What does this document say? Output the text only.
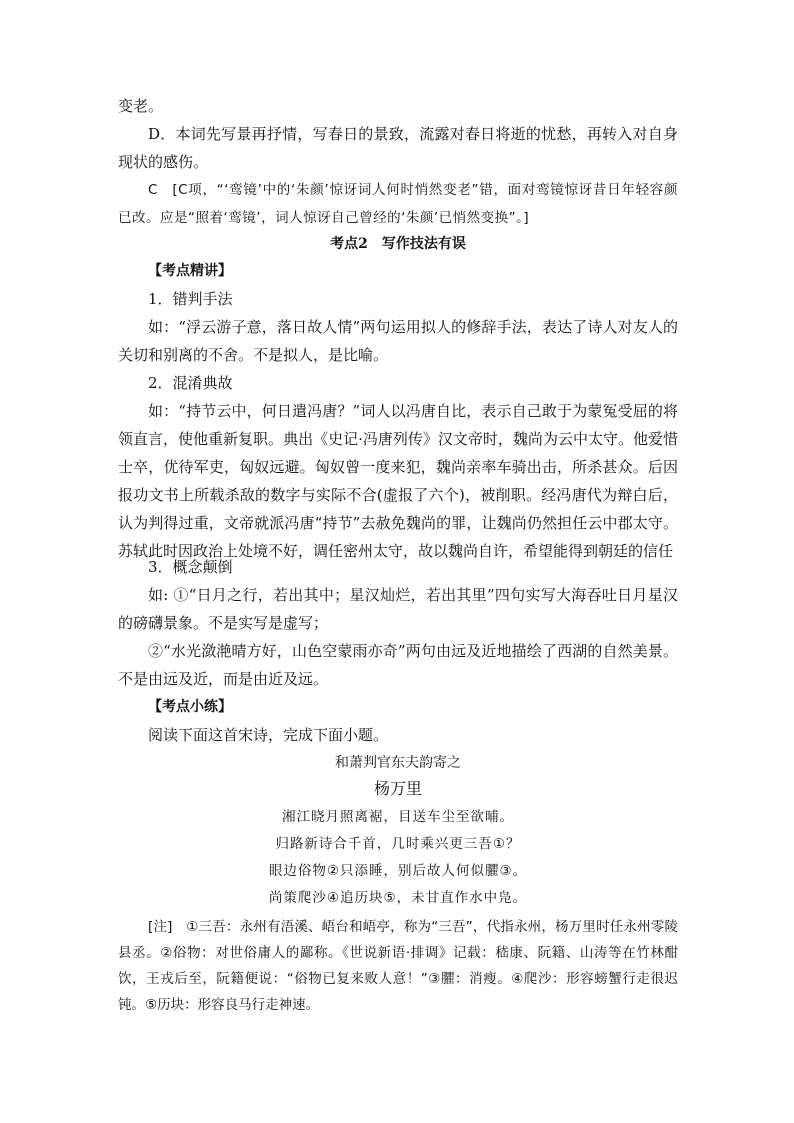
变老。

D．本词先写景再抒情，写春日的景致，流露对春日将逝的忧愁，再转入对自身现状的感伤。

C　[C项，“‘鸾镜’中的‘朱颜’惊讶词人何时悄然变老”错，面对鸾镜惊讶昔日年轻容颜已改。应是“照着‘鸾镜’，词人惊讶自己曾经的‘朱颜’已悄然变换”。]

考点2　写作技法有误

【考点精讲】

1．错判手法

如：“浮云游子意，落日故人情”两句运用拟人的修辞手法，表达了诗人对友人的关切和别离的不舍。不是拟人，是比喻。

2．混淆典故

如：“持节云中，何日遣冯唐？”词人以冯唐自比，表示自己敢于为蒙冤受屈的将领直言，使他重新复职。典出《史记·冯唐列传》汉文帝时，魏尚为云中太守。他爱惜士卒，优待军吏，匈奴远避。匈奴曾一度来犯，魏尚亲率车骑出击，所杀甚众。后因报功文书上所载杀敌的数字与实际不合(虚报了六个)，被削职。经冯唐代为辩白后，认为判得过重，文帝就派冯唐“持节”去赦免魏尚的罪，让魏尚仍然担任云中郡太守。苏轼此时因政治上处境不好，调任密州太守，故以魏尚自许，希望能得到朝廷的信任

3．概念颠倒

如: ①“日月之行，若出其中；星汉灿烂，若出其里”四句实写大海吞吐日月星汉的磅礴景象。不是实写是虚写；

②“水光潋滟晴方好，山色空蒙雨亦奇”两句由远及近地描绘了西湖的自然美景。不是由远及近，而是由近及远。

【考点小练】

阅读下面这首宋诗，完成下面小题。

和萧判官东夫韵寄之

杨万里

湘江晓月照离裾，目送车尘至欲晡。

归路新诗合千首，几时乘兴更三吾①？

眼边俗物②只添睡，别后故人何似臞③。

尚策爬沙④追历块⑤，未甘直作水中凫。

[注]　①三吾：永州有浯溪、峿台和峿亭，称为“三吾”，代指永州，杨万里时任永州零陵县丞。②俗物：对世俗庸人的鄙称。《世说新语·排调》记载：嵇康、阮籍、山涛等在竹林酣饮，王戎后至，阮籍便说：“俗物已复来败人意！”③臞：消瘦。④爬沙：形容螃蟹行走很迟钝。⑤历块：形容良马行走神速。
